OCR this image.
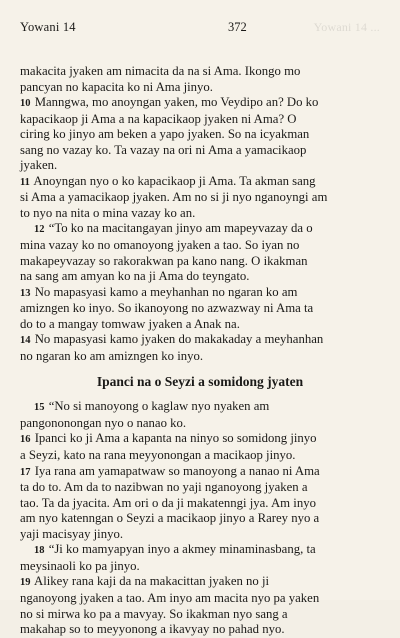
Yowani 14	372	Yowani 14 ...

makacita jyaken am nimacita da na si Ama. Ikongo mo
pancyan no kapacita ko ni Ama jinyo.

10 Manngwa, mo anoyngan yaken, mo Veydipo an? Do ko
kapacikaop ji Ama a na kapacikaop jyaken ni Ama? O
ciring ko jinyo am beken a yapo jyaken. So na icyakman
sang no vazay ko. Ta vazay na ori ni Ama a yamacikaop
jyaken.

11 Anoyngan nyo o ko kapacikaop ji Ama. Ta akman sang
si Ama a yamacikaop jyaken. Am no si ji nyo nganoyngi am
to nyo na nita o mina vazay ko an.

12 “To ko na macitangayan jinyo am mapeyvazay da o
mina vazay ko no omanoyong jyaken a tao. So iyan no
makapeyvazay so rakorakwan pa kano nang. O ikakman
na sang am amyan ko na ji Ama do teyngato.

13 No mapasyasi kamo a meyhanhan no ngaran ko am
amizngen ko inyo. So ikanoyong no azwazway ni Ama ta
do to a mangay tomwaw jyaken a Anak na.

14 No mapasyasi kamo jyaken do makakaday a meyhanhan
no ngaran ko am amizngen ko inyo.

Ipanci na o Seyzi a somidong jyaten

15 “No si manoyong o kaglaw nyo nyaken am
pangononongan nyo o nanao ko.

16 Ipanci ko ji Ama a kapanta na ninyo so somidong jinyo
a Seyzi, kato na rana meyyonongan a macikaop jinyo.

17 Iya rana am yamapatwaw so manoyong a nanao ni Ama
ta do to. Am da to nazibwan no yaji nganoyong jyaken a
tao. Ta da jyacita. Am ori o da ji makatenngi jya. Am inyo
am nyo katenngan o Seyzi a macikaop jinyo a Rarey nyo a
yaji macisyay jinyo.

18 “Ji ko mamyapyan inyo a akmey minaminasbang, ta
meysinaoli ko pa jinyo.

19 Alikey rana kaji da na makacittan jyaken no ji
nganoyong jyaken a tao. Am inyo am macita nyo pa yaken
no si mirwa ko pa a mavyay. So ikakman nyo sang a
makahap so to meyyonong a ikavyay no pahad nyo.
